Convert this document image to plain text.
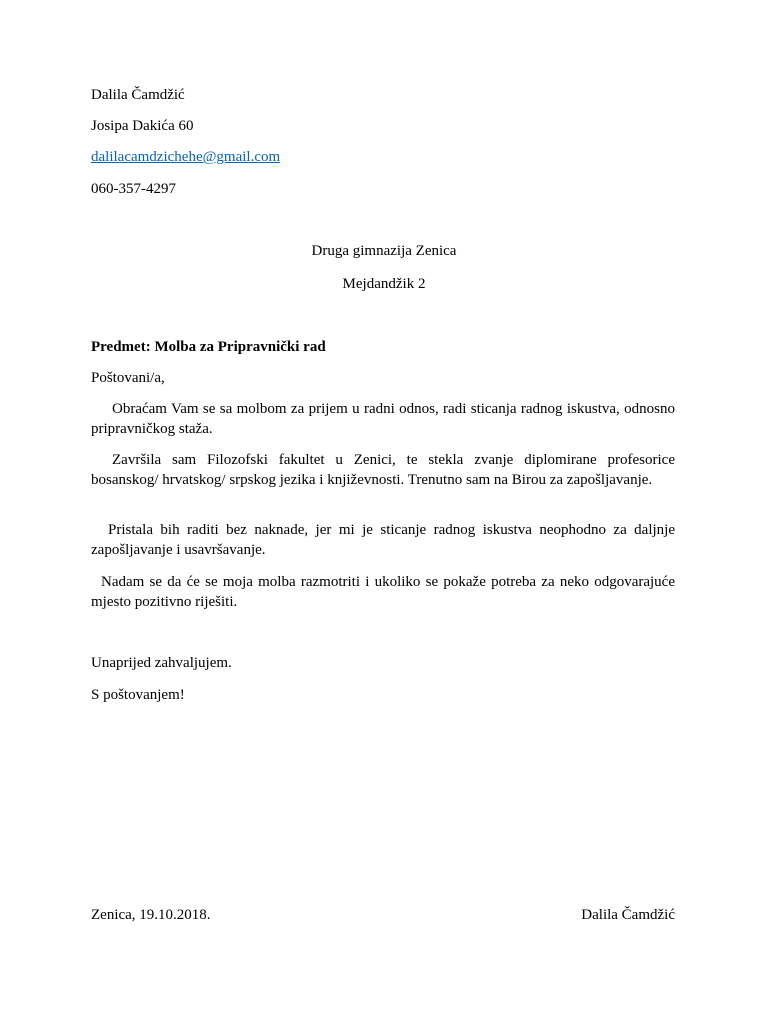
Dalila Čamdžić
Josipa Dakića 60
dalilacamdzichehe@gmail.com
060-357-4297
Druga gimnazija Zenica
Mejdandžik 2
Predmet: Molba za Pripravnički rad
Poštovani/a,
Obraćam Vam se sa molbom za prijem u radni odnos, radi sticanja radnog iskustva, odnosno pripravničkog staža.
Završila sam Filozofski fakultet u Zenici, te stekla zvanje diplomirane profesorice bosanskog/ hrvatskog/ srpskog jezika i književnosti. Trenutno sam na Birou za zapošljavanje.
Pristala bih raditi bez naknade, jer mi je sticanje radnog iskustva neophodno za daljnje zapošljavanje i usavršavanje.
Nadam se da će se moja molba razmotriti i ukoliko se pokaže potreba za neko odgovarajuće mjesto pozitivno riješiti.
Unaprijed zahvaljujem.
S poštovanjem!
Zenica, 19.10.2018.	Dalila Čamdžić
